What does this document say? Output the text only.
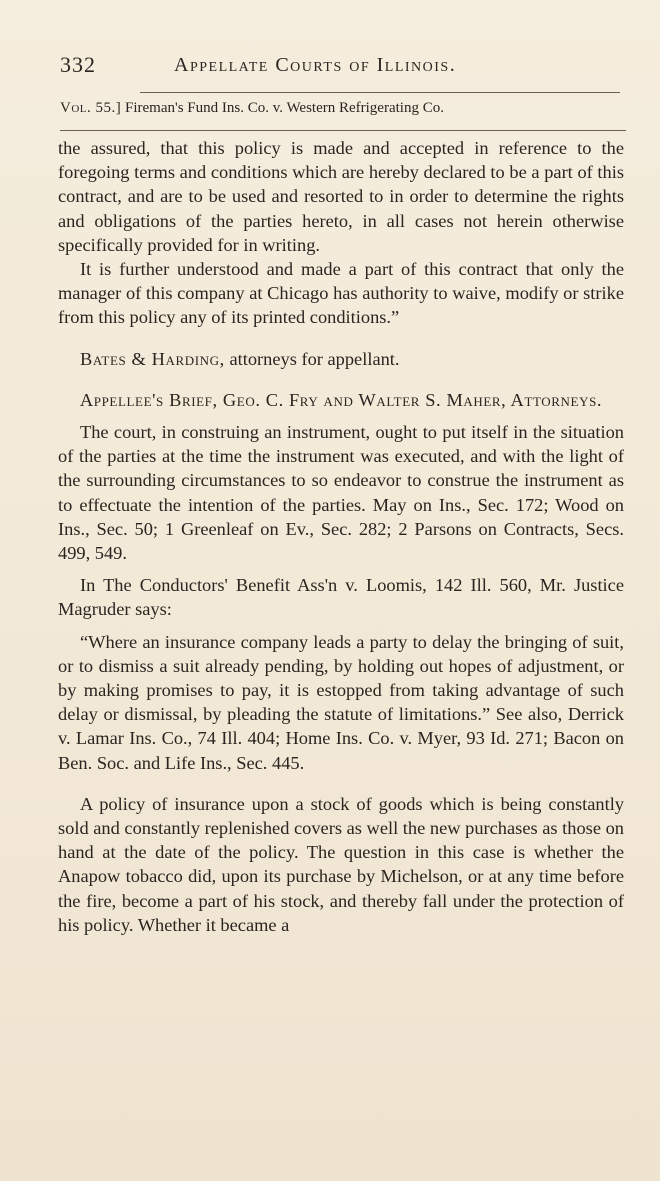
332	Appellate Courts of Illinois.
Vol. 55.] Fireman's Fund Ins. Co. v. Western Refrigerating Co.

the assured, that this policy is made and accepted in reference to the foregoing terms and conditions which are hereby declared to be a part of this contract, and are to be used and resorted to in order to determine the rights and obligations of the parties hereto, in all cases not herein otherwise specifically provided for in writing.

It is further understood and made a part of this contract that only the manager of this company at Chicago has authority to waive, modify or strike from this policy any of its printed conditions.”

Bates & Harding, attorneys for appellant.

Appellee's Brief, Geo. C. Fry and Walter S. Maher, Attorneys.

The court, in construing an instrument, ought to put itself in the situation of the parties at the time the instrument was executed, and with the light of the surrounding circumstances to so endeavor to construe the instrument as to effectuate the intention of the parties. May on Ins., Sec. 172; Wood on Ins., Sec. 50; 1 Greenleaf on Ev., Sec. 282; 2 Parsons on Contracts, Secs. 499, 549.

In The Conductors' Benefit Ass'n v. Loomis, 142 Ill. 560, Mr. Justice Magruder says:

“Where an insurance company leads a party to delay the bringing of suit, or to dismiss a suit already pending, by holding out hopes of adjustment, or by making promises to pay, it is estopped from taking advantage of such delay or dismissal, by pleading the statute of limitations.” See also, Derrick v. Lamar Ins. Co., 74 Ill. 404; Home Ins. Co. v. Myer, 93 Id. 271; Bacon on Ben. Soc. and Life Ins., Sec. 445.

A policy of insurance upon a stock of goods which is being constantly sold and constantly replenished covers as well the new purchases as those on hand at the date of the policy. The question in this case is whether the Anapow tobacco did, upon its purchase by Michelson, or at any time before the fire, become a part of his stock, and thereby fall under the protection of his policy. Whether it became a
